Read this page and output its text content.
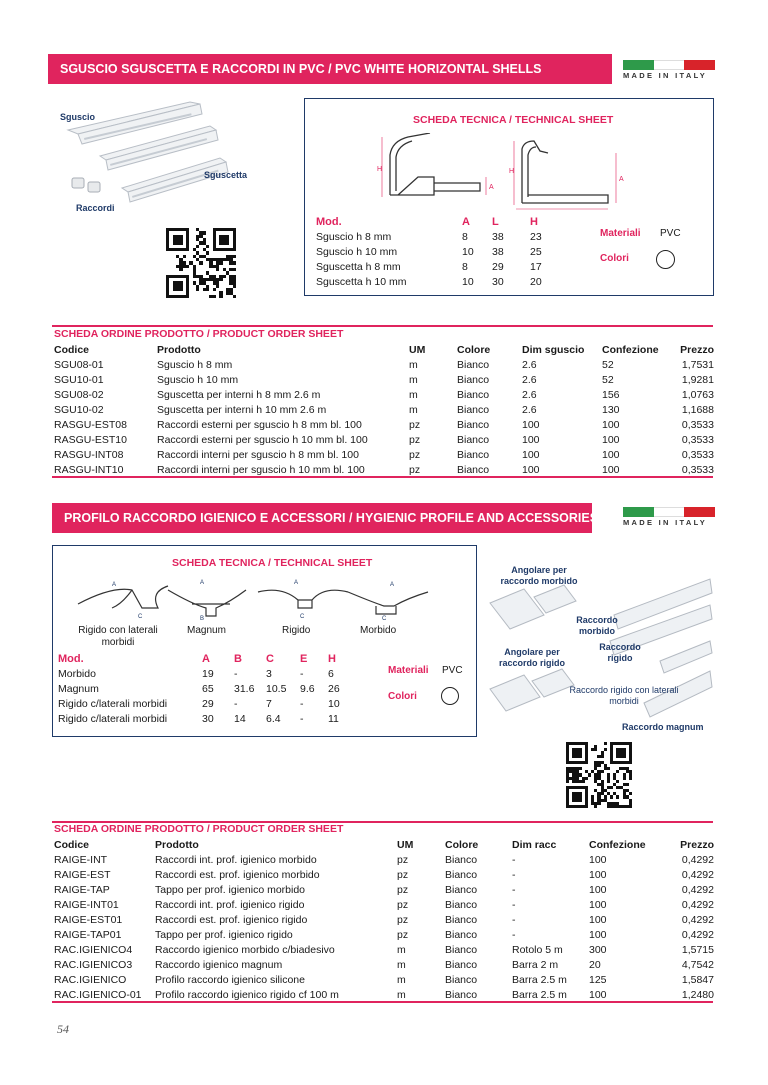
SGUSCIO SGUSCETTA E RACCORDI IN PVC / PVC WHITE HORIZONTAL SHELLS	MADE IN ITALY
Sguscio
Sguscetta
Raccordi
SCHEDA TECNICA / TECHNICAL SHEET
H
A
H
A
Mod.	A	L	H
Sguscio h 8 mm	8	38	23
Sguscio h 10 mm	10	38	25
Sguscetta h 8 mm	8	29	17
Sguscetta h 10 mm	10	30	20
Materiali PVC
Colori
SCHEDA ORDINE PRODOTTO / PRODUCT ORDER SHEET
Codice	Prodotto	UM	Colore	Dim sguscio	Confezione	Prezzo
SGU08-01	Sguscio h 8 mm	m	Bianco	2.6	52	1,7531
SGU10-01	Sguscio h 10 mm	m	Bianco	2.6	52	1,9281
SGU08-02	Sguscetta per interni h 8 mm 2.6 m	m	Bianco	2.6	156	1,0763
SGU10-02	Sguscetta per interni h 10 mm 2.6 m	m	Bianco	2.6	130	1,1688
RASGU-EST08	Raccordi esterni per sguscio h 8 mm bl. 100	pz	Bianco	100	100	0,3533
RASGU-EST10	Raccordi esterni per sguscio h 10 mm bl. 100	pz	Bianco	100	100	0,3533
RASGU-INT08	Raccordi interni per sguscio h 8 mm bl. 100	pz	Bianco	100	100	0,3533
RASGU-INT10	Raccordi interni per sguscio h 10 mm bl. 100	pz	Bianco	100	100	0,3533
PROFILO RACCORDO IGIENICO E ACCESSORI / HYGIENIC PROFILE AND ACCESSORIES	MADE IN ITALY
SCHEDA TECNICA / TECHNICAL SHEET
A
C
A
B
A
C
A
C
Rigido con laterali morbidi
Magnum	Rigido	Morbido
Mod.	A	B	C	E	H
Morbido	19	-	3	-	6
Magnum	65	31.6	10.5	9.6	26
Rigido c/laterali morbidi	29	-	7	-	10
Rigido c/laterali morbidi	30	14	6.4	-	11
Materiali PVC
Colori
Angolare per raccordo morbido
Raccordo morbido
Angolare per raccordo rigido
Raccordo rigido
Raccordo rigido con laterali morbidi
Raccordo magnum
SCHEDA ORDINE PRODOTTO / PRODUCT ORDER SHEET
Codice	Prodotto	UM	Colore	Dim racc	Confezione	Prezzo
RAIGE-INT	Raccordi int. prof. igienico morbido	pz	Bianco	-	100	0,4292
RAIGE-EST	Raccordi est. prof. igienico morbido	pz	Bianco	-	100	0,4292
RAIGE-TAP	Tappo per prof. igienico morbido	pz	Bianco	-	100	0,4292
RAIGE-INT01	Raccordi int. prof. igienico rigido	pz	Bianco	-	100	0,4292
RAIGE-EST01	Raccordi est. prof. igienico rigido	pz	Bianco	-	100	0,4292
RAIGE-TAP01	Tappo per prof. igienico rigido	pz	Bianco	-	100	0,4292
RAC.IGIENICO4	Raccordo igienico morbido c/biadesivo	m	Bianco	Rotolo 5 m	300	1,5715
RAC.IGIENICO3	Raccordo igienico magnum	m	Bianco	Barra 2 m	20	4,7542
RAC.IGIENICO	Profilo raccordo igienico silicone	m	Bianco	Barra 2.5 m	125	1,5847
RAC.IGIENICO-01	Profilo raccordo igienico rigido cf 100 m	m	Bianco	Barra 2.5 m	100	1,2480
54
